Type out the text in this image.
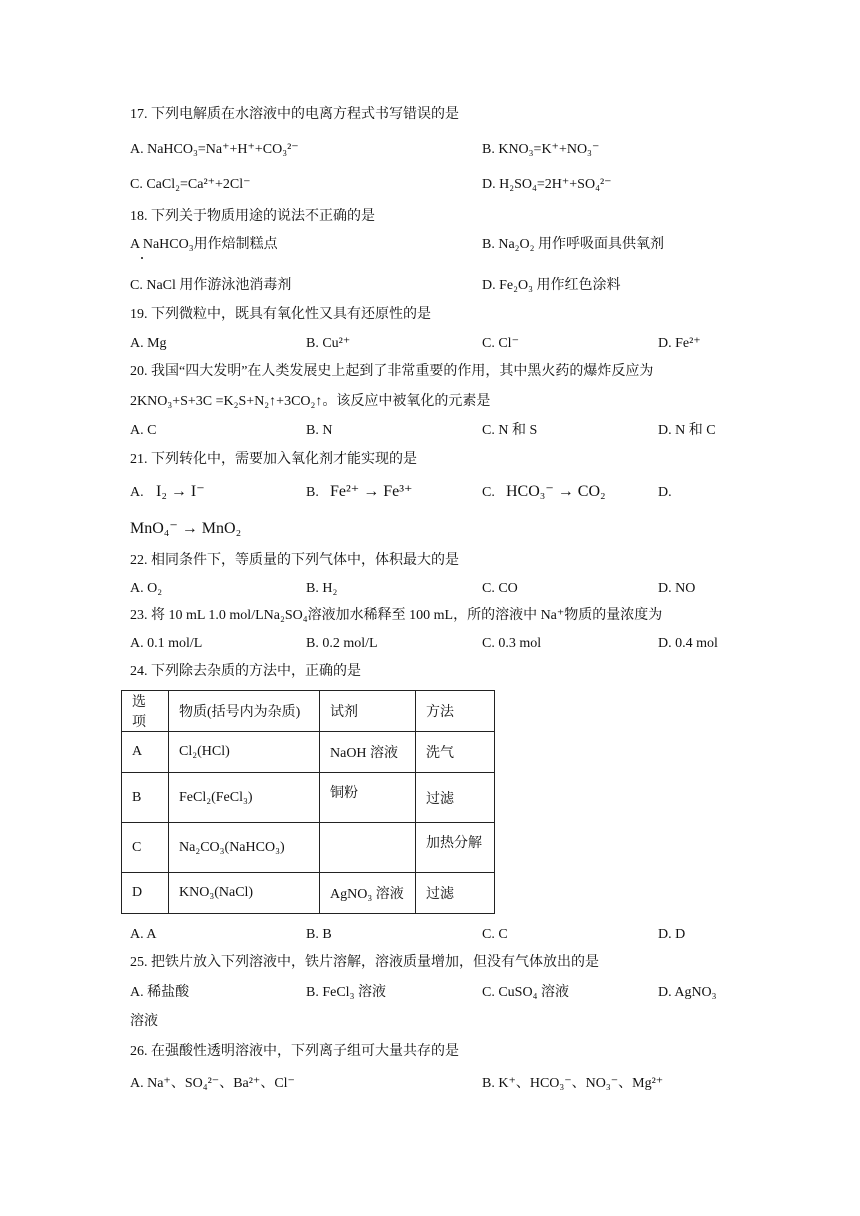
17. 下列电解质在水溶液中的电离方程式书写错误的是
A. NaHCO₃=Na⁺+H⁺+CO₃²⁻	B. KNO₃=K⁺+NO₃⁻
C. CaCl₂=Ca²⁺+2Cl⁻	D. H₂SO₄=2H⁺+SO₄²⁻
18. 下列关于物质用途的说法不正确的是
A NaHCO₃用作焙制糕点	B. Na₂O₂ 用作呼吸面具供氧剂
C. NaCl 用作游泳池消毒剂	D. Fe₂O₃ 用作红色涂料
19. 下列微粒中，既具有氧化性又具有还原性的是
A. Mg	B. Cu²⁺	C. Cl⁻	D. Fe²⁺
20. 我国“四大发明”在人类发展史上起到了非常重要的作用，其中黑火药的爆炸反应为
2KNO₃+S+3C =K₂S+N₂↑+3CO₂↑。该反应中被氧化的元素是
A. C	B. N	C. N 和 S	D. N 和 C
21. 下列转化中，需要加入氧化剂才能实现的是
A. I₂ → I⁻	B. Fe²⁺ → Fe³⁺	C. HCO₃⁻ → CO₂	D.
MnO₄⁻ → MnO₂
22. 相同条件下，等质量的下列气体中，体积最大的是
A. O₂	B. H₂	C. CO	D. NO
23. 将 10 mL 1.0 mol/LNa₂SO₄溶液加水稀释至 100 mL，所的溶液中 Na⁺物质的量浓度为
A. 0.1 mol/L	B. 0.2 mol/L	C. 0.3 mol	D. 0.4 mol
24. 下列除去杂质的方法中，正确的是
选项	物质(括号内为杂质)	试剂	方法
A	Cl₂(HCl)	NaOH 溶液	洗气
B	FeCl₂(FeCl₃)	铜粉	过滤
C	Na₂CO₃(NaHCO₃)		加热分解
D	KNO₃(NaCl)	AgNO₃ 溶液	过滤
A. A	B. B	C. C	D. D
25. 把铁片放入下列溶液中，铁片溶解，溶液质量增加，但没有气体放出的是
A. 稀盐酸	B. FeCl₃ 溶液	C. CuSO₄ 溶液	D. AgNO₃
溶液
26. 在强酸性透明溶液中，下列离子组可大量共存的是
A. Na⁺、SO₄²⁻、Ba²⁺、Cl⁻	B. K⁺、HCO₃⁻、NO₃⁻、Mg²⁺
